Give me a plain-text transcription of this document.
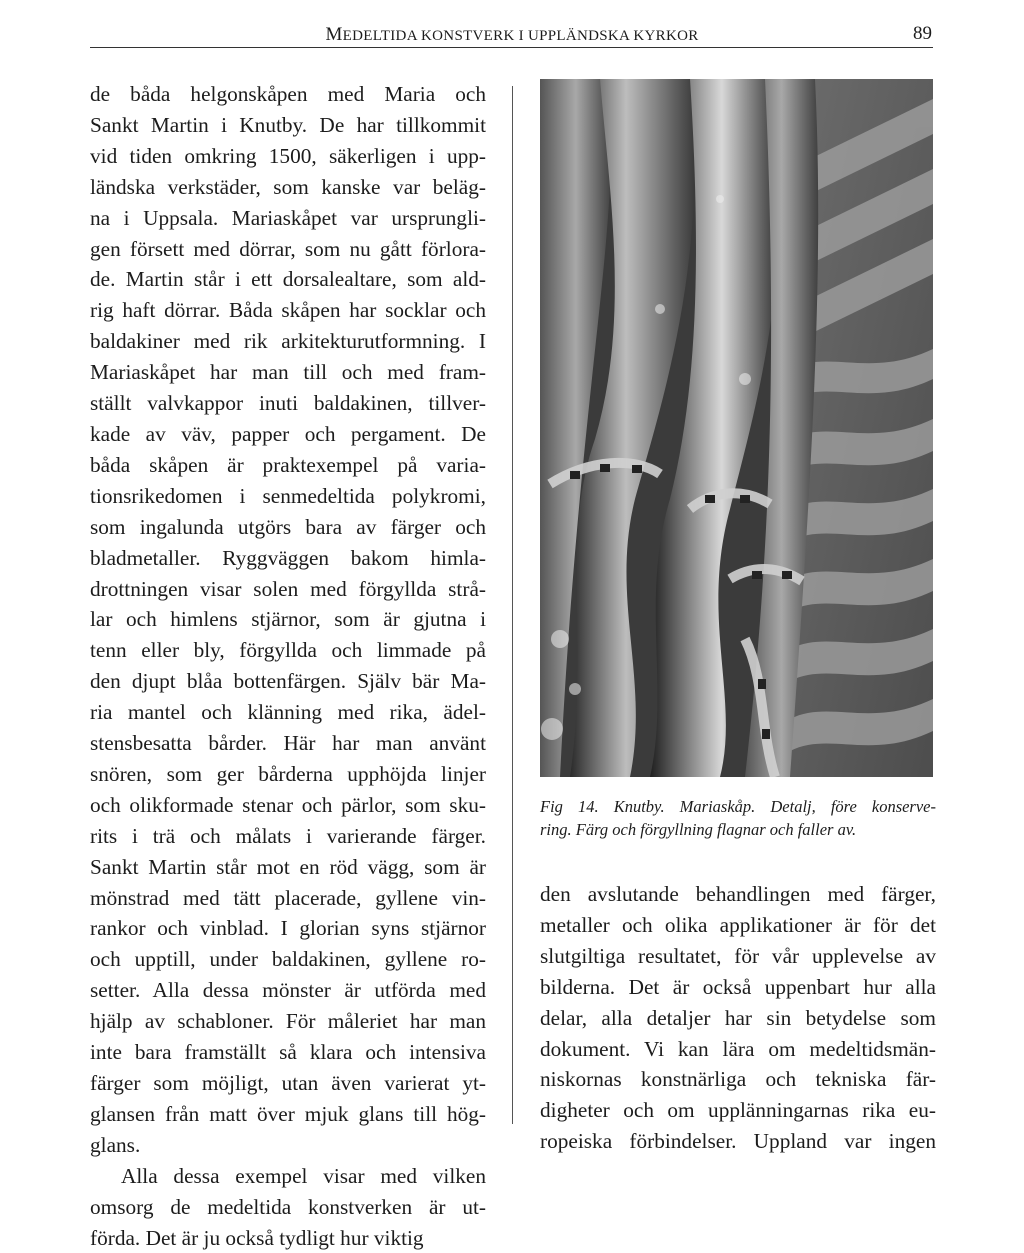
MEDELTIDA KONSTVERK I UPPLÄNDSKA KYRKOR	89
de båda helgonskåpen med Maria och
Sankt Martin i Knutby. De har tillkommit
vid tiden omkring 1500, säkerligen i upp-
ländska verkstäder, som kanske var beläg-
na i Uppsala. Mariaskåpet var ursprungli-
gen försett med dörrar, som nu gått förlora-
de. Martin står i ett dorsalealtare, som ald-
rig haft dörrar. Båda skåpen har socklar och
baldakiner med rik arkitekturutformning. I
Mariaskåpet har man till och med fram-
ställt valvkappor inuti baldakinen, tillver-
kade av väv, papper och pergament. De
båda skåpen är praktexempel på varia-
tionsrikedomen i senmedeltida polykromi,
som ingalunda utgörs bara av färger och
bladmetaller. Ryggväggen bakom himla-
drottningen visar solen med förgyllda strå-
lar och himlens stjärnor, som är gjutna i
tenn eller bly, förgyllda och limmade på
den djupt blåa bottenfärgen. Själv bär Ma-
ria mantel och klänning med rika, ädel-
stensbesatta bårder. Här har man använt
snören, som ger bårderna upphöjda linjer
och olikformade stenar och pärlor, som sku-
rits i trä och målats i varierande färger.
Sankt Martin står mot en röd vägg, som är
mönstrad med tätt placerade, gyllene vin-
rankor och vinblad. I glorian syns stjärnor
och upptill, under baldakinen, gyllene ro-
setter. Alla dessa mönster är utförda med
hjälp av schabloner. För måleriet har man
inte bara framställt så klara och intensiva
färger som möjligt, utan även varierat yt-
glansen från matt över mjuk glans till hög-
glans.
Alla dessa exempel visar med vilken
omsorg de medeltida konstverken är ut-
förda. Det är ju också tydligt hur viktig
Fig 14. Knutby. Mariaskåp. Detalj, före konserve-
ring. Färg och förgyllning flagnar och faller av.
den avslutande behandlingen med färger,
metaller och olika applikationer är för det
slutgiltiga resultatet, för vår upplevelse av
bilderna. Det är också uppenbart hur alla
delar, alla detaljer har sin betydelse som
dokument. Vi kan lära om medeltidsmän-
niskornas konstnärliga och tekniska fär-
digheter och om upplänningarnas rika eu-
ropeiska förbindelser. Uppland var ingen
